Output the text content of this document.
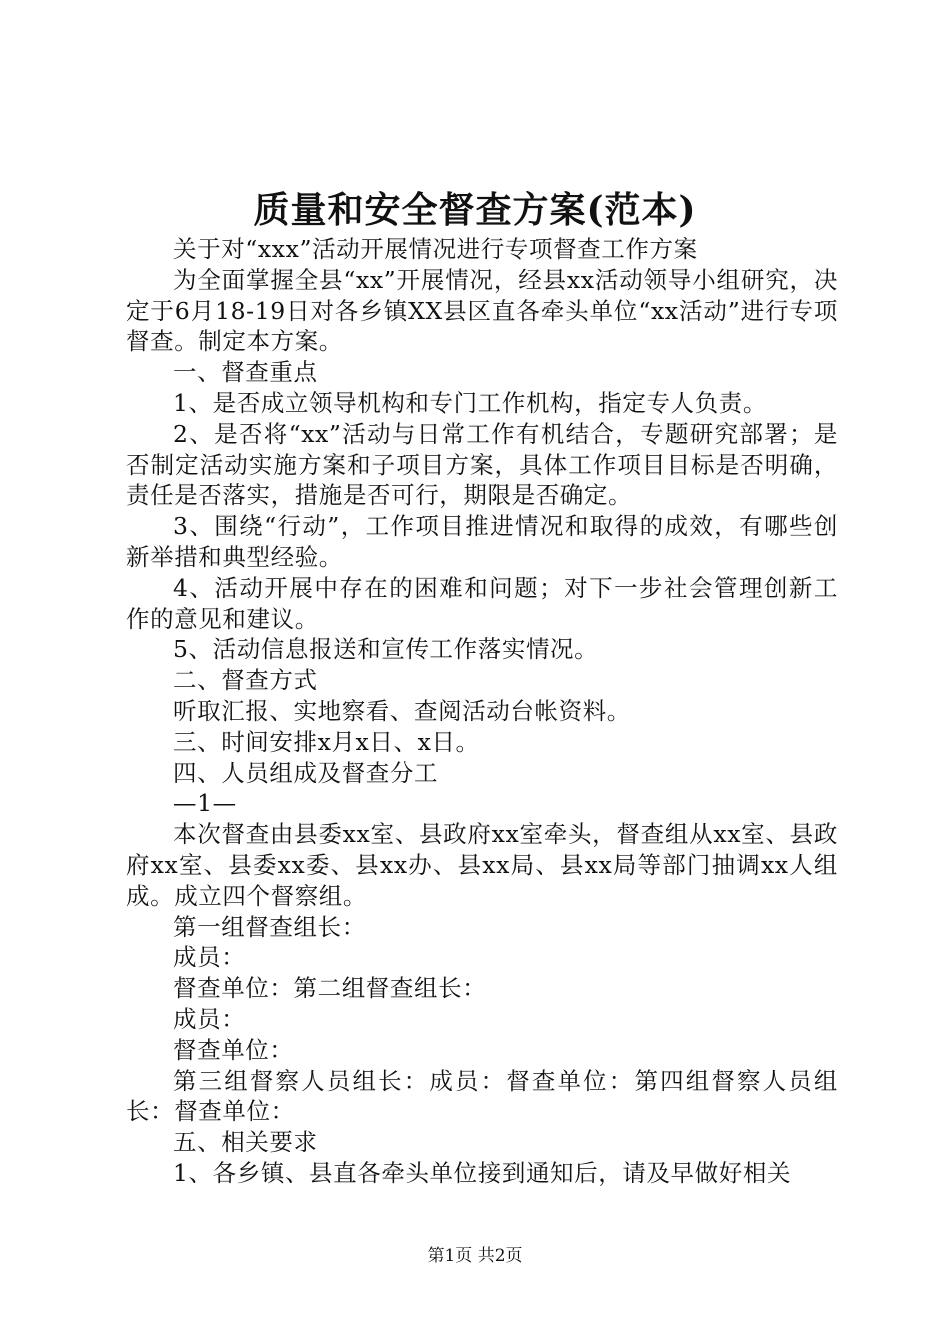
质量和安全督查方案(范本)

关于对“xxx”活动开展情况进行专项督查工作方案

为全面掌握全县“xx”开展情况，经县xx活动领导小组研究，决定于6月18-19日对各乡镇XX县区直各牵头单位“xx活动”进行专项督查。制定本方案。

一、督查重点

1、是否成立领导机构和专门工作机构，指定专人负责。

2、是否将“xx”活动与日常工作有机结合，专题研究部署；是否制定活动实施方案和子项目方案，具体工作项目目标是否明确，责任是否落实，措施是否可行，期限是否确定。

3、围绕“行动”，工作项目推进情况和取得的成效，有哪些创新举措和典型经验。

4、活动开展中存在的困难和问题；对下一步社会管理创新工作的意见和建议。

5、活动信息报送和宣传工作落实情况。

二、督查方式

听取汇报、实地察看、查阅活动台帐资料。

三、时间安排x月x日、x日。

四、人员组成及督查分工

—1—

本次督查由县委xx室、县政府xx室牵头，督查组从xx室、县政府xx室、县委xx委、县xx办、县xx局、县xx局等部门抽调xx人组成。成立四个督察组。

第一组督查组长：

成员：

督查单位：第二组督查组长：

成员：

督查单位：

第三组督察人员组长：成员：督查单位：第四组督察人员组长：督查单位：

五、相关要求

1、各乡镇、县直各牵头单位接到通知后，请及早做好相关

第1页 共2页
